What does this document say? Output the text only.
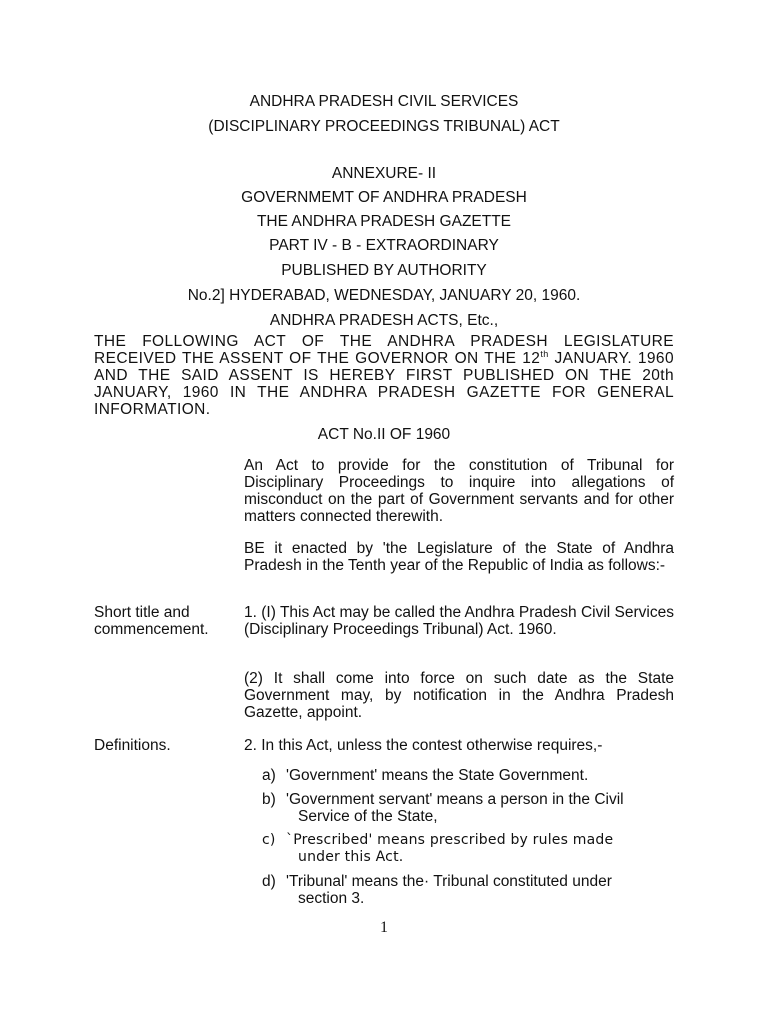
ANDHRA PRADESH CIVIL SERVICES
(DISCIPLINARY PROCEEDINGS TRIBUNAL) ACT
ANNEXURE- II
GOVERNMEMT OF ANDHRA PRADESH
THE ANDHRA PRADESH GAZETTE
PART IV - B - EXTRAORDINARY
PUBLISHED BY AUTHORITY
No.2] HYDERABAD, WEDNESDAY, JANUARY 20, 1960.
ANDHRA PRADESH ACTS, Etc.,
THE FOLLOWING ACT OF THE ANDHRA PRADESH LEGISLATURE RECEIVED THE ASSENT OF THE GOVERNOR ON THE 12th JANUARY. 1960 AND THE SAID ASSENT IS HEREBY FIRST PUBLISHED ON THE 20th JANUARY, 1960 IN THE ANDHRA PRADESH GAZETTE FOR GENERAL INFORMATION.
ACT No.II OF 1960
An Act to provide for the constitution of Tribunal for Disciplinary Proceedings to inquire into allegations of misconduct on the part of Government servants and for other matters connected therewith.
BE it enacted by 'the Legislature of the State of Andhra Pradesh in the Tenth year of the Republic of India as follows:-
Short title and
commencement.
1. (I) This Act may be called the Andhra Pradesh Civil Services (Disciplinary Proceedings Tribunal) Act. 1960.
(2) It shall come into force on such date as the State Government may, by notification in the Andhra Pradesh Gazette, appoint.
Definitions.	2. In this Act, unless the contest otherwise requires,-
a) 'Government' means the State Government.
b) 'Government servant' means a person in the Civil
Service of the State,
c) `Prescribed' means prescribed by rules made
under this Act.
d) 'Tribunal' means the· Tribunal constituted under
section 3.
1
